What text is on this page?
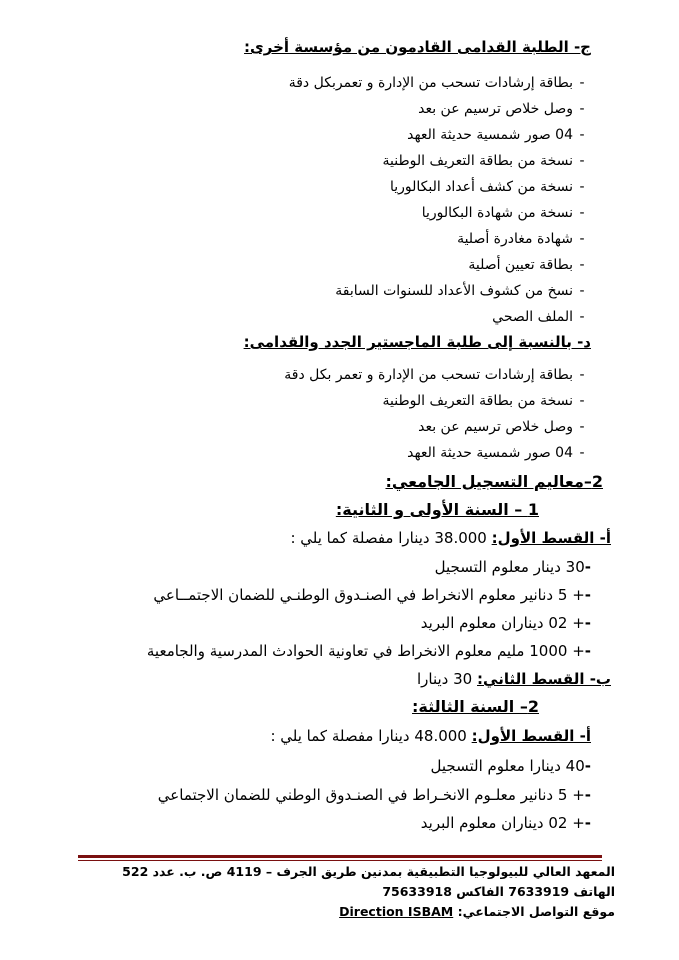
ج- الطلبة القدامى القادمون من مؤسسة أخرى:
-بطاقة إرشادات تسحب من الإدارة و تعمربكل دقة
-وصل خلاص ترسيم عن بعد
-04 صور شمسية حديثة العهد
-نسخة من بطاقة التعريف الوطنية
-نسخة من كشف أعداد البكالوريا
-نسخة من شهادة البكالوريا
-شهادة مغادرة أصلية
-بطاقة تعيين أصلية
-نسخ من كشوف الأعداد للسنوات السابقة
-الملف الصحي
د- بالنسبة إلى طلبة الماجستير الجدد والقدامى:
-بطاقة إرشادات تسحب من الإدارة و تعمر بكل دقة
-نسخة من بطاقة التعريف الوطنية
-وصل خلاص ترسيم عن بعد
-04 صور شمسية حديثة العهد
2–معاليم التسجيل الجامعي:
1 – السنة الأولى و الثانية:
أ- القسط الأول: 38.000 دينارا مفصلة كما يلي :
-30 دينار معلوم التسجيل
-+ 5 دنانير معلوم الانخراط في الصنـدوق الوطنـي للضمان الاجتمــاعي
-+ 02 ديناران معلوم البريد
-+ 1000 مليم معلوم الانخراط في تعاونية الحوادث المدرسية والجامعية
ب- القسط الثاني: 30 دينارا
2– السنة الثالثة:
أ- القسط الأول: 48.000 دينارا مفصلة كما يلي :
-40 دينارا معلوم التسجيل
-+ 5 دنانير معلـوم الانخـراط في الصنـدوق الوطني للضمان الاجتماعي
-+ 02 ديناران معلوم البريد
المعهد العالي للبيولوجيا التطبيقية بمدنين طريق الجرف – 4119 ص. ب. عدد 522
الهاتف 7633919 الفاكس 75633918
موقع التواصل الاجتماعي: Direction ISBAM
